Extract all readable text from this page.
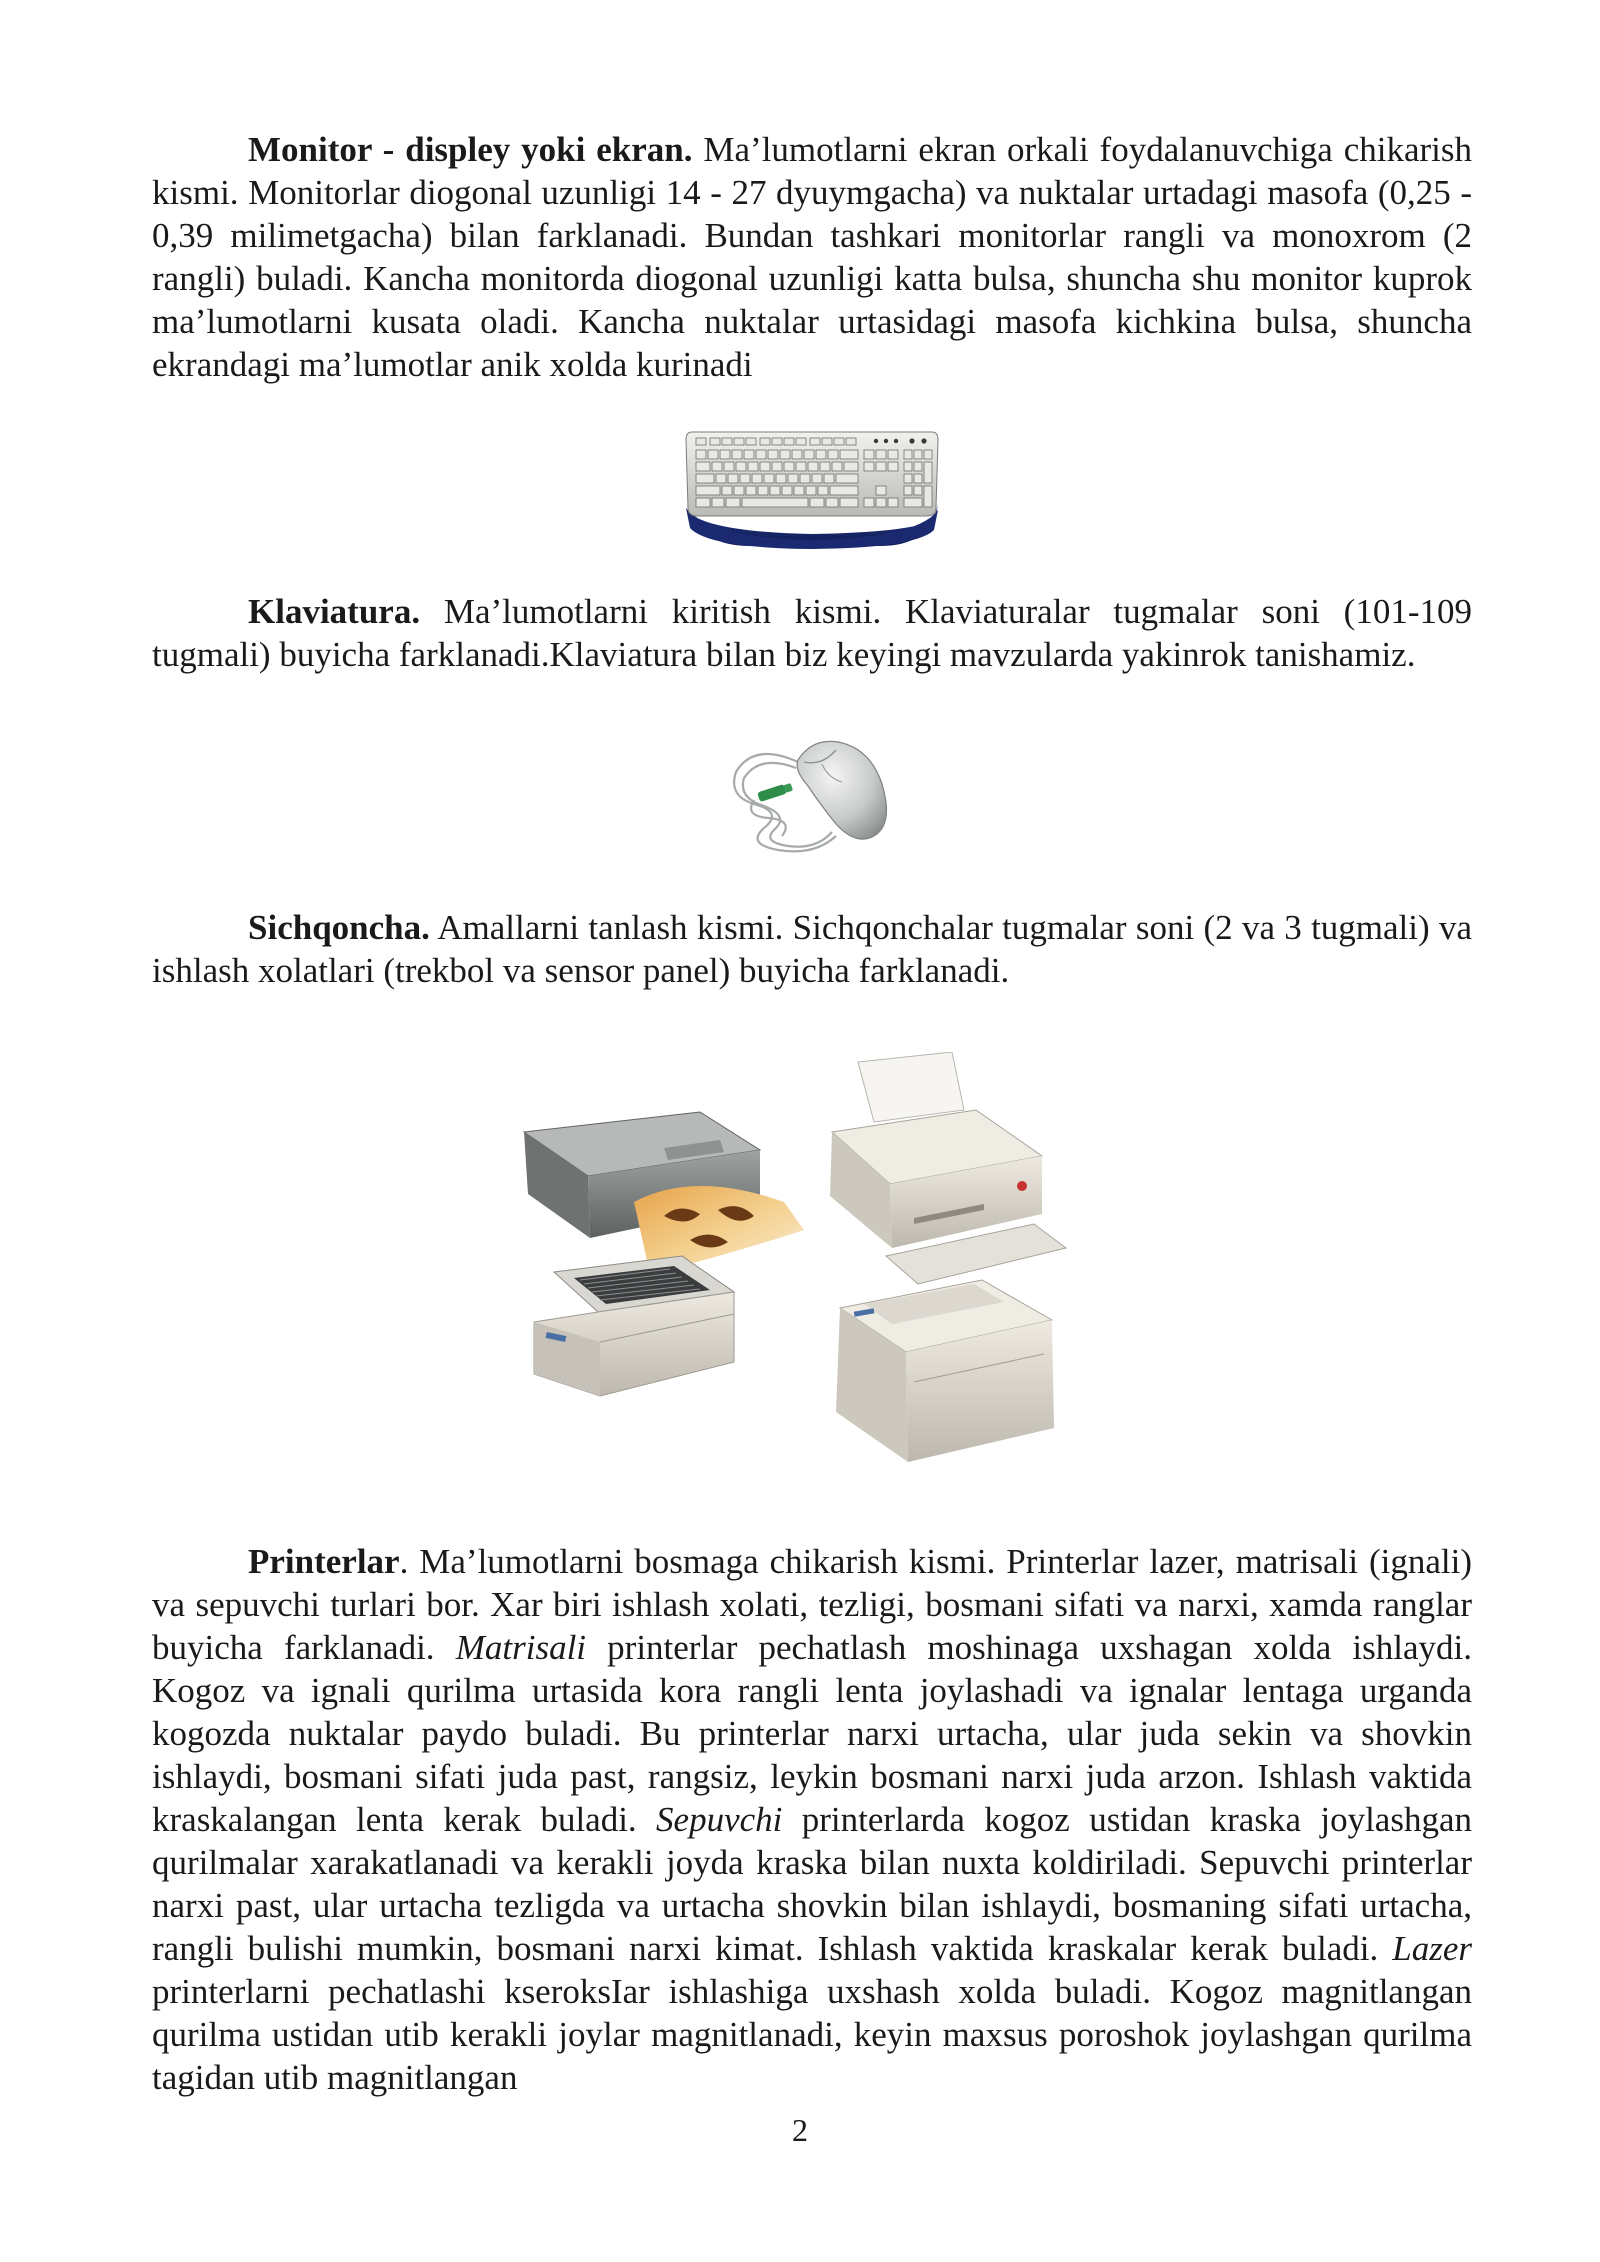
Monitor - displey yoki ekran. Ma’lumotlarni ekran orkali foydalanuvchiga chikarish kismi. Monitorlar diogonal uzunligi 14 - 27 dyuymgacha) va nuktalar urtadagi masofa (0,25 - 0,39 milimetgacha) bilan farklanadi. Bundan tashkari monitorlar rangli va monoxrom (2 rangli) buladi. Kancha monitorda diogonal uzunligi katta bulsa, shuncha shu monitor kuprok ma’lumotlarni kusata oladi. Kancha nuktalar urtasidagi masofa kichkina bulsa, shuncha ekrandagi ma’lumotlar anik xolda kurinadi

Klaviatura. Ma’lumotlarni kiritish kismi. Klaviaturalar tugmalar soni (101-109 tugmali) buyicha farklanadi.Klaviatura bilan biz keyingi mavzularda yakinrok tanishamiz.

Sichqoncha. Amallarni tanlash kismi. Sichqonchalar tugmalar soni (2 va 3 tugmali) va ishlash xolatlari (trekbol va sensor panel) buyicha farklanadi.

Printerlar. Ma’lumotlarni bosmaga chikarish kismi. Printerlar lazer, matrisali (ignali) va sepuvchi turlari bor. Xar biri ishlash xolati, tezligi, bosmani sifati va narxi, xamda ranglar buyicha farklanadi. Matrisali printerlar pechatlash moshinaga uxshagan xolda ishlaydi. Kogoz va ignali qurilma urtasida kora rangli lenta joylashadi va ignalar lentaga urganda kogozda nuktalar paydo buladi. Bu printerlar narxi urtacha, ular juda sekin va shovkin ishlaydi, bosmani sifati juda past, rangsiz, leykin bosmani narxi juda arzon. Ishlash vaktida kraskalangan lenta kerak buladi. Sepuvchi printerlarda kogoz ustidan kraska joylashgan qurilmalar xarakatlanadi va kerakli joyda kraska bilan nuxta koldiriladi. Sepuvchi printerlar narxi past, ular urtacha tezligda va urtacha shovkin bilan ishlaydi, bosmaning sifati urtacha, rangli bulishi mumkin, bosmani narxi kimat. Ishlash vaktida kraskalar kerak buladi. Lazer printerlarni pechatlashi kseroksIar ishlashiga uxshash xolda buladi. Kogoz magnitlangan qurilma ustidan utib kerakli joylar magnitlanadi, keyin maxsus poroshok joylashgan qurilma tagidan utib magnitlangan

2
